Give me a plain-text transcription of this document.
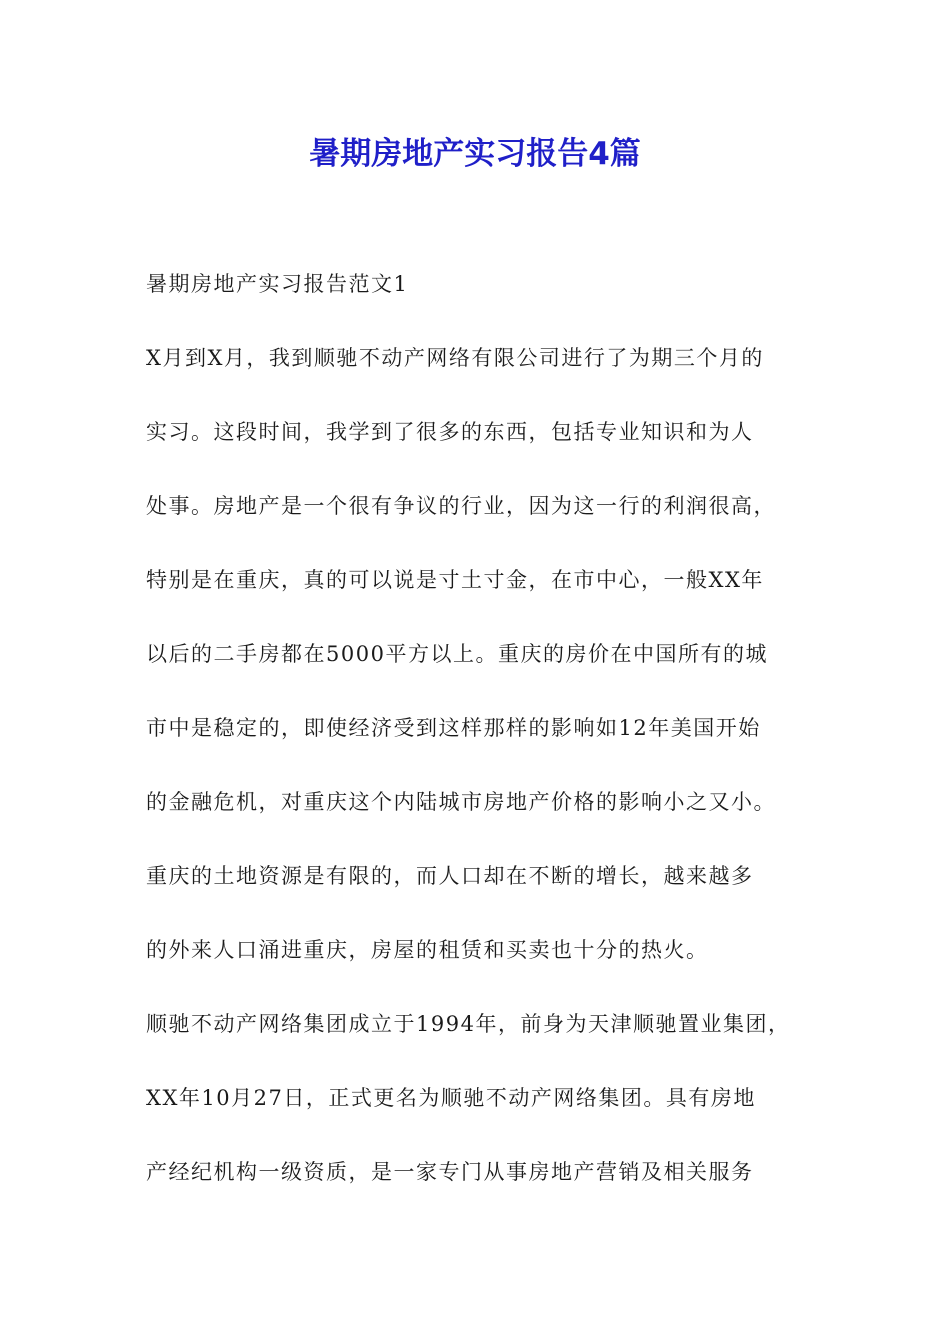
暑期房地产实习报告4篇
暑期房地产实习报告范文1
X月到X月，我到顺驰不动产网络有限公司进行了为期三个月的
实习。这段时间，我学到了很多的东西，包括专业知识和为人
处事。房地产是一个很有争议的行业，因为这一行的利润很高，
特别是在重庆，真的可以说是寸土寸金，在市中心，一般XX年
以后的二手房都在5000平方以上。重庆的房价在中国所有的城
市中是稳定的，即使经济受到这样那样的影响如12年美国开始
的金融危机，对重庆这个内陆城市房地产价格的影响小之又小。
重庆的土地资源是有限的，而人口却在不断的增长，越来越多
的外来人口涌进重庆，房屋的租赁和买卖也十分的热火。
顺驰不动产网络集团成立于1994年，前身为天津顺驰置业集团，
XX年10月27日，正式更名为顺驰不动产网络集团。具有房地
产经纪机构一级资质，是一家专门从事房地产营销及相关服务
